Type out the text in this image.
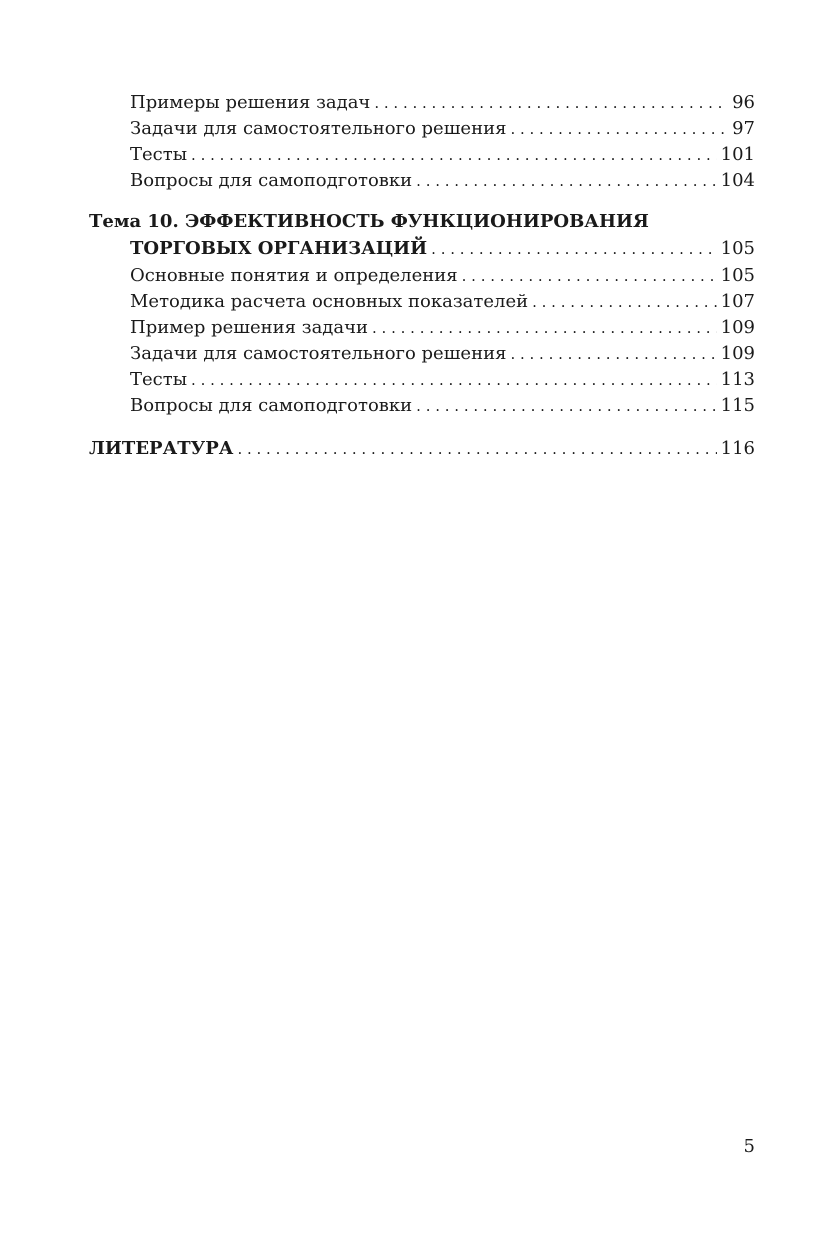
Примеры решения задач . . .	96
Задачи для самостоятельного решения . . .	97
Тесты . . .	101
Вопросы для самоподготовки . . .	104
Тема 10. ЭФФЕКТИВНОСТЬ ФУНКЦИОНИРОВАНИЯ
ТОРГОВЫХ ОРГАНИЗАЦИЙ . . .	105
Основные понятия и определения . . .	105
Методика расчета основных показателей . . .	107
Пример решения задачи . . .	109
Задачи для самостоятельного решения . . .	109
Тесты . . .	113
Вопросы для самоподготовки . . .	115
ЛИТЕРАТУРА . . .	116
5
